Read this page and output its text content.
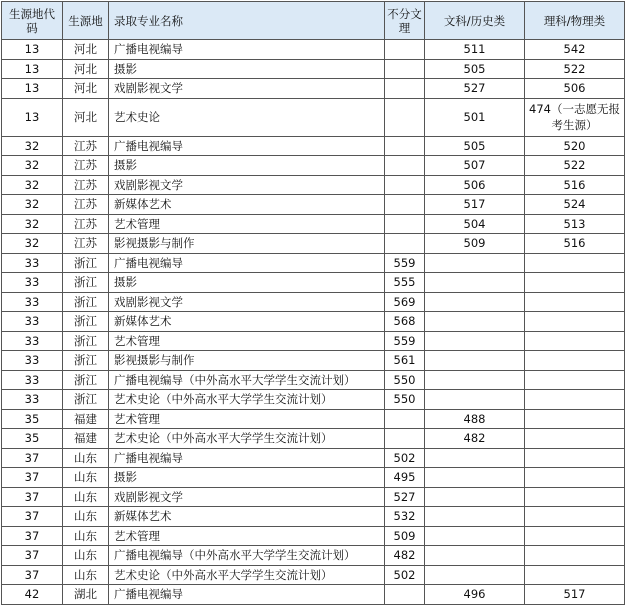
生源地代码	生源地	录取专业名称	不分文理	文科/历史类	理科/物理类
13	河北	广播电视编导		511	542
13	河北	摄影		505	522
13	河北	戏剧影视文学		527	506
13	河北	艺术史论		501	474（一志愿无报考生源）
32	江苏	广播电视编导		505	520
32	江苏	摄影		507	522
32	江苏	戏剧影视文学		506	516
32	江苏	新媒体艺术		517	524
32	江苏	艺术管理		504	513
32	江苏	影视摄影与制作		509	516
33	浙江	广播电视编导	559		
33	浙江	摄影	555		
33	浙江	戏剧影视文学	569		
33	浙江	新媒体艺术	568		
33	浙江	艺术管理	559		
33	浙江	影视摄影与制作	561		
33	浙江	广播电视编导（中外高水平大学学生交流计划）	550		
33	浙江	艺术史论（中外高水平大学学生交流计划）	550		
35	福建	艺术管理		488	
35	福建	艺术史论（中外高水平大学学生交流计划）		482	
37	山东	广播电视编导	502		
37	山东	摄影	495		
37	山东	戏剧影视文学	527		
37	山东	新媒体艺术	532		
37	山东	艺术管理	509		
37	山东	广播电视编导（中外高水平大学学生交流计划）	482		
37	山东	艺术史论（中外高水平大学学生交流计划）	502		
42	湖北	广播电视编导		496	517
